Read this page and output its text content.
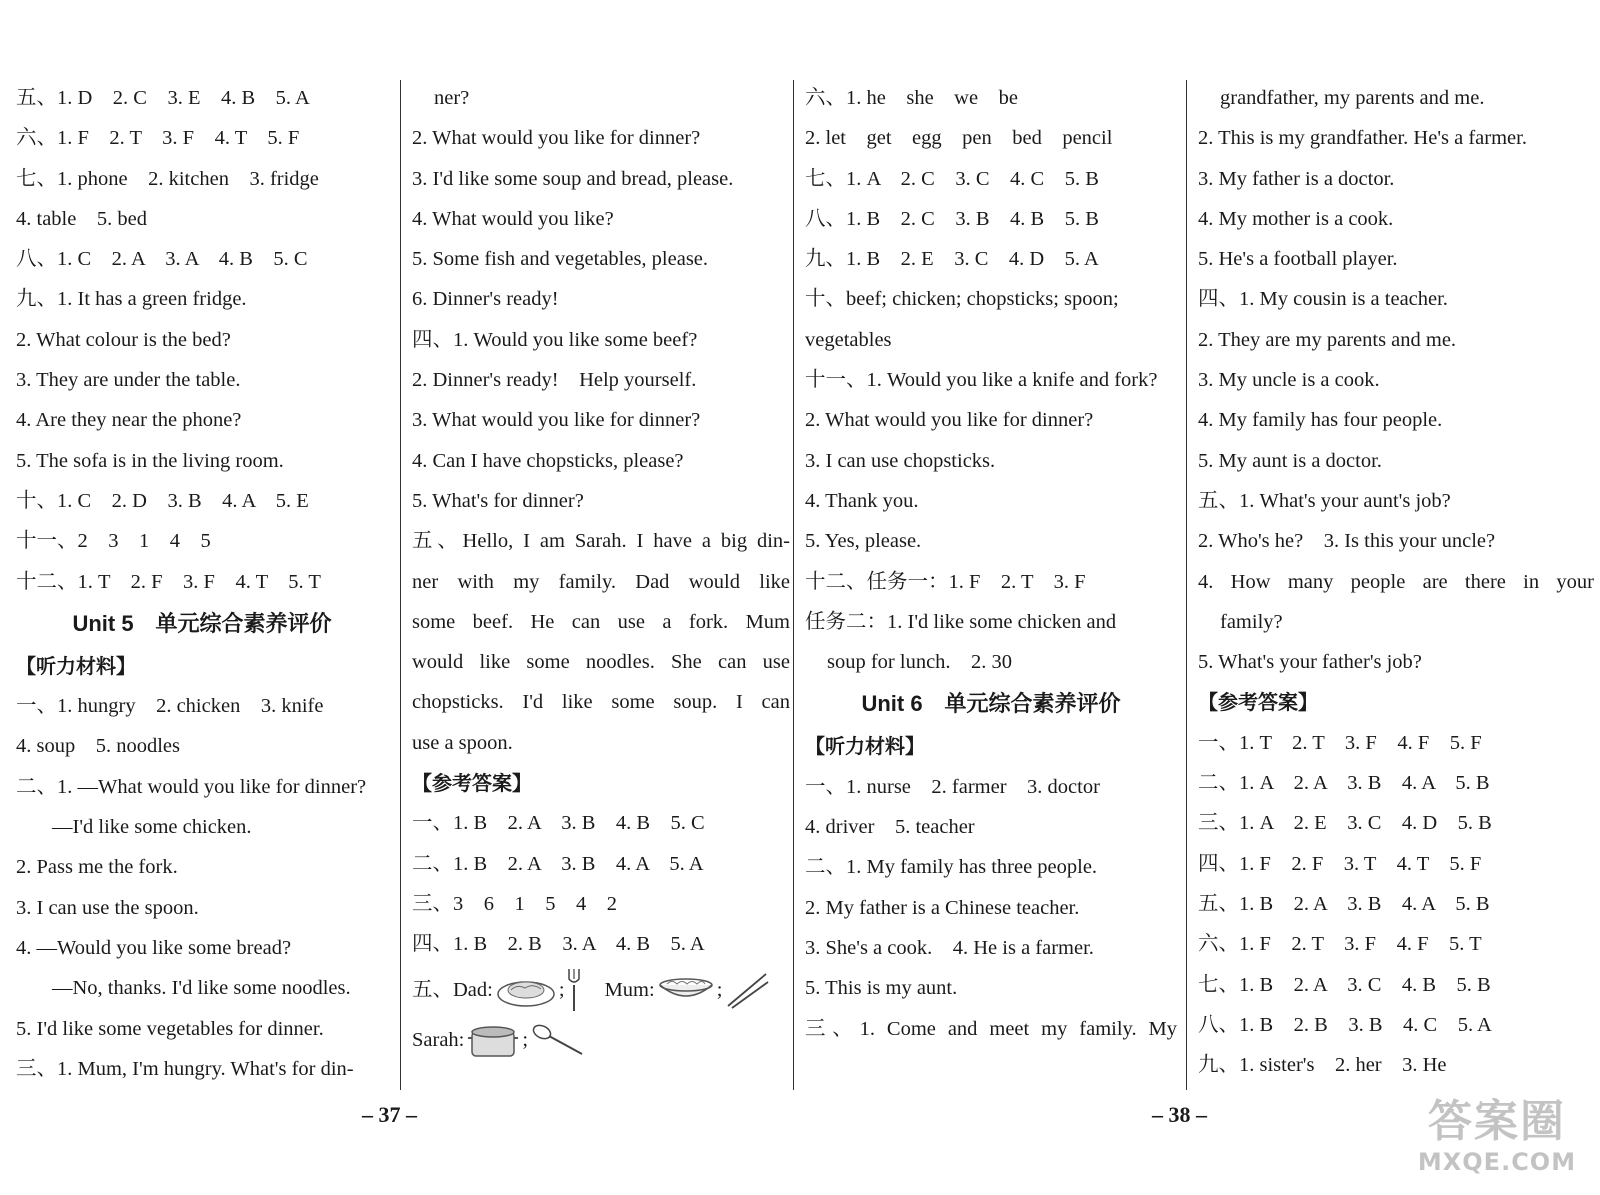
五、1. D　2. C　3. E　4. B　5. A
六、1. F　2. T　3. F　4. T　5. F
七、1. phone　2. kitchen　3. fridge
4. table　5. bed
八、1. C　2. A　3. A　4. B　5. C
九、1. It has a green fridge.
2. What colour is the bed?
3. They are under the table.
4. Are they near the phone?
5. The sofa is in the living room.
十、1. C　2. D　3. B　4. A　5. E
十一、2　3　1　4　5
十二、1. T　2. F　3. F　4. T　5. T
Unit 5　单元综合素养评价
【听力材料】
一、1. hungry　2. chicken　3. knife
4. soup　5. noodles
二、1. —What would you like for dinner?
—I'd like some chicken.
2. Pass me the fork.
3. I can use the spoon.
4. —Would you like some bread?
—No, thanks. I'd like some noodles.
5. I'd like some vegetables for dinner.
三、1. Mum, I'm hungry. What's for din-
ner?
2. What would you like for dinner?
3. I'd like some soup and bread, please.
4. What would you like?
5. Some fish and vegetables, please.
6. Dinner's ready!
四、1. Would you like some beef?
2. Dinner's ready!　Help yourself.
3. What would you like for dinner?
4. Can I have chopsticks, please?
5. What's for dinner?
五、Hello, I am Sarah. I have a big din-
ner with my family. Dad would like
some beef. He can use a fork. Mum
would like some noodles. She can use
chopsticks. I'd like some soup. I can
use a spoon.
【参考答案】
一、1. B　2. A　3. B　4. B　5. C
二、1. B　2. A　3. B　4. A　5. A
三、3　6　1　5　4　2
四、1. B　2. B　3. A　4. B　5. A
五、Dad:	; Mum:	;
Sarah:	;
六、1. he　she　we　be
2. let　get　egg　pen　bed　pencil
七、1. A　2. C　3. C　4. C　5. B
八、1. B　2. C　3. B　4. B　5. B
九、1. B　2. E　3. C　4. D　5. A
十、beef; chicken; chopsticks; spoon;
vegetables
十一、1. Would you like a knife and fork?
2. What would you like for dinner?
3. I can use chopsticks.
4. Thank you.
5. Yes, please.
十二、任务一：1. F　2. T　3. F
任务二：1. I'd like some chicken and
soup for lunch.　2. 30
Unit 6　单元综合素养评价
【听力材料】
一、1. nurse　2. farmer　3. doctor
4. driver　5. teacher
二、1. My family has three people.
2. My father is a Chinese teacher.
3. She's a cook.　4. He is a farmer.
5. This is my aunt.
三、1. Come and meet my family. My
grandfather, my parents and me.
2. This is my grandfather. He's a farmer.
3. My father is a doctor.
4. My mother is a cook.
5. He's a football player.
四、1. My cousin is a teacher.
2. They are my parents and me.
3. My uncle is a cook.
4. My family has four people.
5. My aunt is a doctor.
五、1. What's your aunt's job?
2. Who's he?　3. Is this your uncle?
4. How many people are there in your
family?
5. What's your father's job?
【参考答案】
一、1. T　2. T　3. F　4. F　5. F
二、1. A　2. A　3. B　4. A　5. B
三、1. A　2. E　3. C　4. D　5. B
四、1. F　2. F　3. T　4. T　5. F
五、1. B　2. A　3. B　4. A　5. B
六、1. F　2. T　3. F　4. F　5. T
七、1. B　2. A　3. C　4. B　5. B
八、1. B　2. B　3. B　4. C　5. A
九、1. sister's　2. her　3. He
– 37 –	– 38 –	答案圈
MXQE.COM
